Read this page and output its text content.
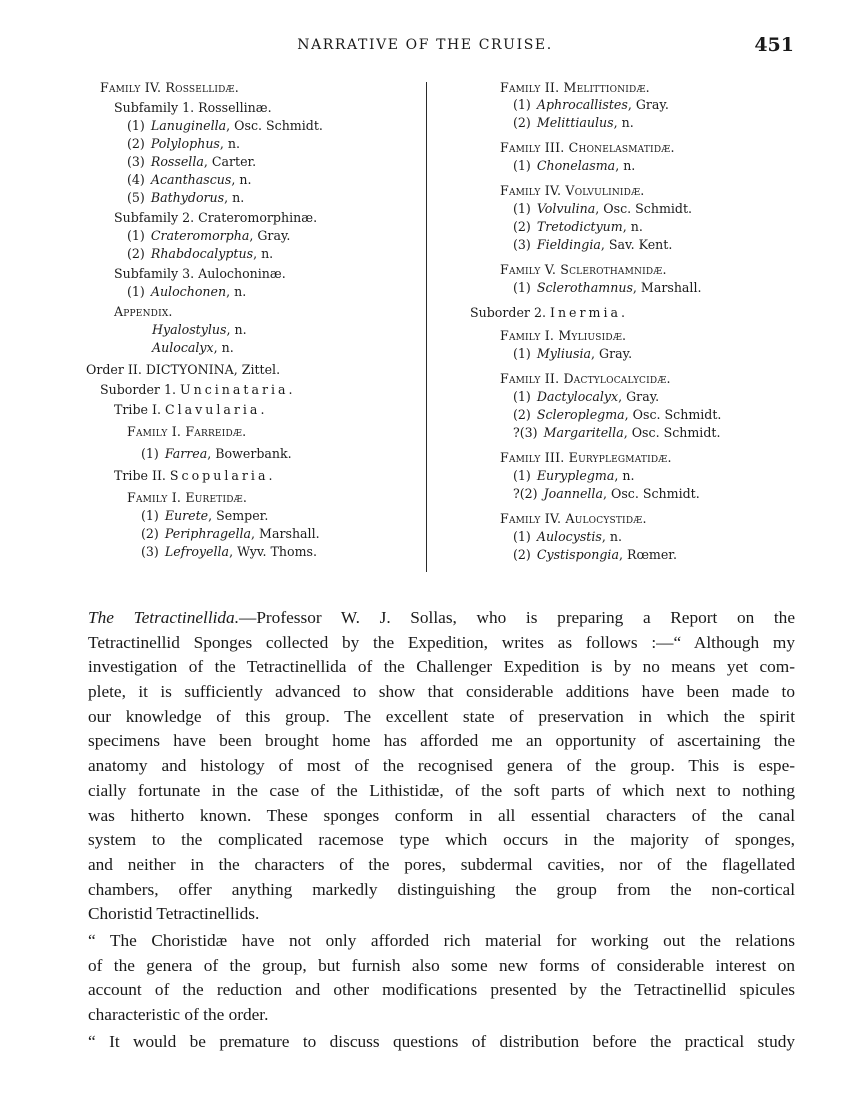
NARRATIVE OF THE CRUISE.	451
Family IV. Rossellidæ.
Subfamily 1. Rossellinæ.
(1) Lanuginella, Osc. Schmidt.
(2) Polylophus, n.
(3) Rossella, Carter.
(4) Acanthascus, n.
(5) Bathydorus, n.
Subfamily 2. Crateromorphinæ.
(1) Crateromorpha, Gray.
(2) Rhabdocalyptus, n.
Subfamily 3. Aulochoninæ.
(1) Aulochonen, n.
Appendix.
Hyalostylus, n.
Aulocalyx, n.
Order II. DICTYONINA, Zittel.
Suborder 1. Uncinataria.
Tribe I. Clavularia.
Family I. Farreidæ.
(1) Farrea, Bowerbank.
Tribe II. Scopularia.
Family I. Euretidæ.
(1) Eurete, Semper.
(2) Periphragella, Marshall.
(3) Lefroyella, Wyv. Thoms.
Family II. Melittionidæ.
(1) Aphrocallistes, Gray.
(2) Melittiaulus, n.
Family III. Chonelasmatidæ.
(1) Chonelasma, n.
Family IV. Volvulinidæ.
(1) Volvulina, Osc. Schmidt.
(2) Tretodictyum, n.
(3) Fieldingia, Sav. Kent.
Family V. Sclerothamnidæ.
(1) Sclerothamnus, Marshall.
Suborder 2. Inermia.
Family I. Myliusidæ.
(1) Myliusia, Gray.
Family II. Dactylocalycidæ.
(1) Dactylocalyx, Gray.
(2) Scleroplegma, Osc. Schmidt.
?(3) Margaritella, Osc. Schmidt.
Family III. Euryplegmatidæ.
(1) Euryplegma, n.
?(2) Joannella, Osc. Schmidt.
Family IV. Aulocystidæ.
(1) Aulocystis, n.
(2) Cystispongia, Rœmer.
The Tetractinellida.—Professor W. J. Sollas, who is preparing a Report on the
Tetractinellid Sponges collected by the Expedition, writes as follows :—“ Although my
investigation of the Tetractinellida of the Challenger Expedition is by no means yet com-
plete, it is sufficiently advanced to show that considerable additions have been made to
our knowledge of this group. The excellent state of preservation in which the spirit
specimens have been brought home has afforded me an opportunity of ascertaining the
anatomy and histology of most of the recognised genera of the group. This is espe-
cially fortunate in the case of the Lithistidæ, of the soft parts of which next to nothing
was hitherto known. These sponges conform in all essential characters of the canal
system to the complicated racemose type which occurs in the majority of sponges,
and neither in the characters of the pores, subdermal cavities, nor of the flagellated
chambers, offer anything markedly distinguishing the group from the non-cortical
Choristid Tetractinellids.
“ The Choristidæ have not only afforded rich material for working out the relations
of the genera of the group, but furnish also some new forms of considerable interest on
account of the reduction and other modifications presented by the Tetractinellid spicules
characteristic of the order.
“ It would be premature to discuss questions of distribution before the practical study
